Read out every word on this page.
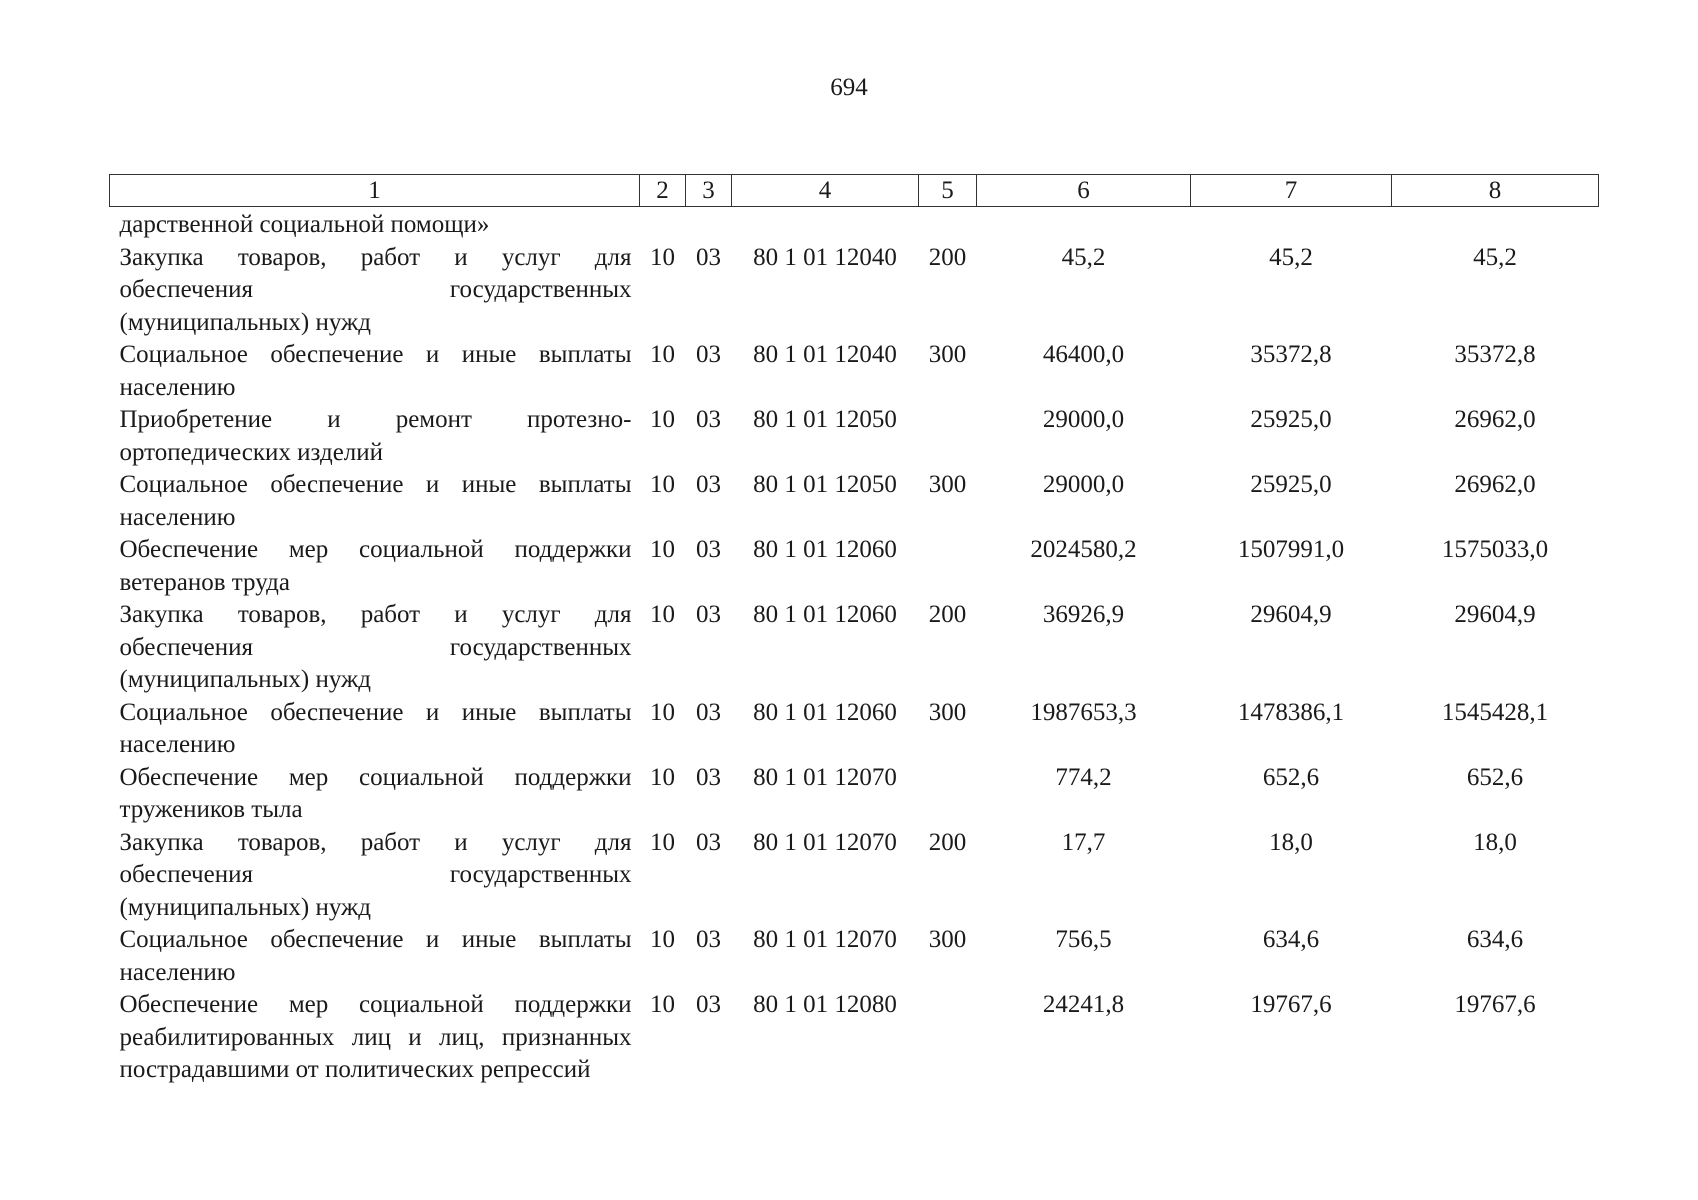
694
1	2	3	4	5	6	7	8
дарственной социальной помощи»							
Закупка товаров, работ и услуг для обеспечения государственных (муниципальных) нужд	10	03	80 1 01 12040	200	45,2	45,2	45,2
Социальное обеспечение и иные выплаты населению	10	03	80 1 01 12040	300	46400,0	35372,8	35372,8
Приобретение и ремонт протезно-ортопедических изделий	10	03	80 1 01 12050		29000,0	25925,0	26962,0
Социальное обеспечение и иные выплаты населению	10	03	80 1 01 12050	300	29000,0	25925,0	26962,0
Обеспечение мер социальной поддержки ветеранов труда	10	03	80 1 01 12060		2024580,2	1507991,0	1575033,0
Закупка товаров, работ и услуг для обеспечения государственных (муниципальных) нужд	10	03	80 1 01 12060	200	36926,9	29604,9	29604,9
Социальное обеспечение и иные выплаты населению	10	03	80 1 01 12060	300	1987653,3	1478386,1	1545428,1
Обеспечение мер социальной поддержки тружеников тыла	10	03	80 1 01 12070		774,2	652,6	652,6
Закупка товаров, работ и услуг для обеспечения государственных (муниципальных) нужд	10	03	80 1 01 12070	200	17,7	18,0	18,0
Социальное обеспечение и иные выплаты населению	10	03	80 1 01 12070	300	756,5	634,6	634,6
Обеспечение мер социальной поддержки реабилитированных лиц и лиц, признанных пострадавшими от политических репрессий	10	03	80 1 01 12080		24241,8	19767,6	19767,6
